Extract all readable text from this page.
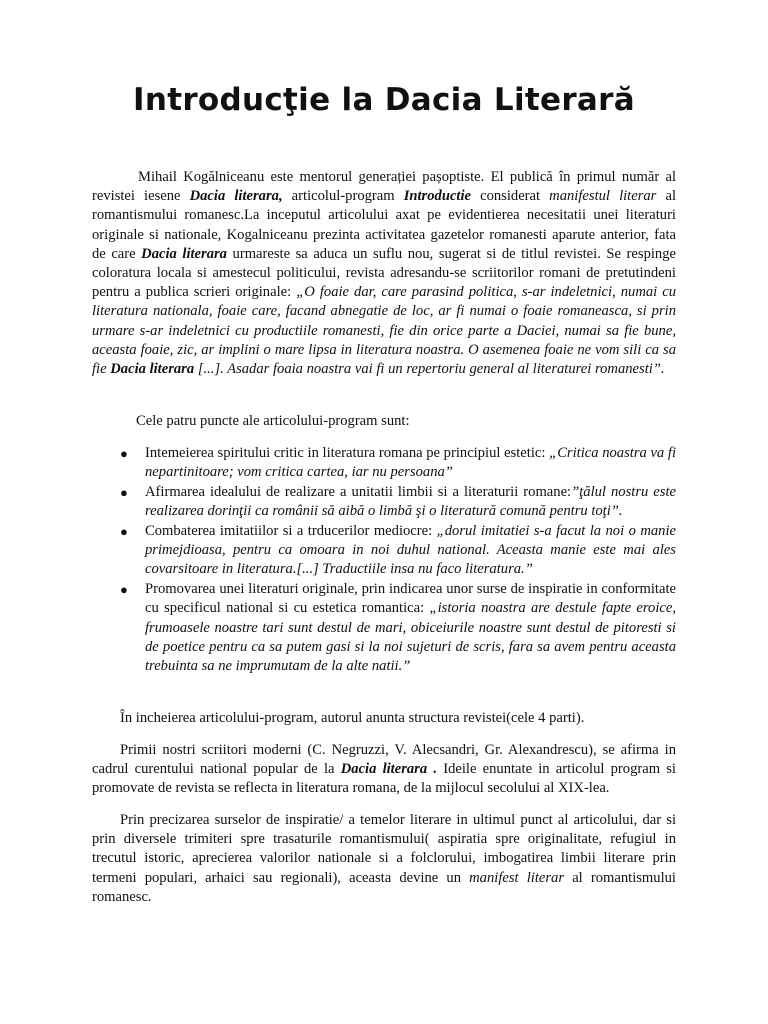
Introducţie la Dacia Literară

Mihail Kogălniceanu este mentorul generației pașoptiste. El publică în primul număr al revistei iesene Dacia literara, articolul-program Introductie considerat manifestul literar al romantismului romanesc.La inceputul articolului axat pe evidentierea necesitatii unei literaturi originale si nationale, Kogalniceanu prezinta activitatea gazetelor romanesti aparute anterior, fata de care Dacia literara urmareste sa aduca un suflu nou, sugerat si de titlul revistei. Se respinge coloratura locala si amestecul politicului, revista adresandu-se scriitorilor romani de pretutindeni pentru a publica scrieri originale: „O foaie dar, care parasind politica, s-ar indeletnici, numai cu literatura nationala, foaie care, facand abnegatie de loc, ar fi numai o foaie romaneasca, si prin urmare s-ar indeletnici cu productiile romanesti, fie din orice parte a Daciei, numai sa fie bune, aceasta foaie, zic, ar implini o mare lipsa in literatura noastra. O asemenea foaie ne vom sili ca sa fie Dacia literara [...]. Asadar foaia noastra vai fi un repertoriu general al literaturei romanesti”.

Cele patru puncte ale articolului-program sunt:

● Intemeierea spiritului critic in literatura romana pe principiul estetic: „Critica noastra va fi nepartinitoare; vom critica cartea, iar nu persoana”
● Afirmarea idealului de realizare a unitatii limbii si a literaturii romane:”ţălul nostru este realizarea dorinţii ca românii să aibă o limbă şi o literatură comună pentru toţi”.
● Combaterea imitatiilor si a trducerilor mediocre: „dorul imitatiei s-a facut la noi o manie primejdioasa, pentru ca omoara in noi duhul national. Aceasta manie este mai ales covarsitoare in literatura.[...] Traductiile insa nu faco literatura.”
● Promovarea unei literaturi originale, prin indicarea unor surse de inspiratie in conformitate cu specificul national si cu estetica romantica: „istoria noastra are destule fapte eroice, frumoasele noastre tari sunt destul de mari, obiceiurile noastre sunt destul de pitoresti si de poetice pentru ca sa putem gasi si la noi sujeturi de scris, fara sa avem pentru aceasta trebuinta sa ne imprumutam de la alte natii.”

În incheierea articolului-program, autorul anunta structura revistei(cele 4 parti).

Primii nostri scriitori moderni (C. Negruzzi, V. Alecsandri, Gr. Alexandrescu), se afirma in cadrul curentului national popular de la Dacia literara . Ideile enuntate in articolul program si promovate de revista se reflecta in literatura romana, de la mijlocul secolului al XIX-lea.

Prin precizarea surselor de inspiratie/ a temelor literare in ultimul punct al articolului, dar si prin diversele trimiteri spre trasaturile romantismului( aspiratia spre originalitate, refugiul in trecutul istoric, aprecierea valorilor nationale si a folclorului, imbogatirea limbii literare prin termeni populari, arhaici sau regionali), aceasta devine un manifest literar al romantismului romanesc.
